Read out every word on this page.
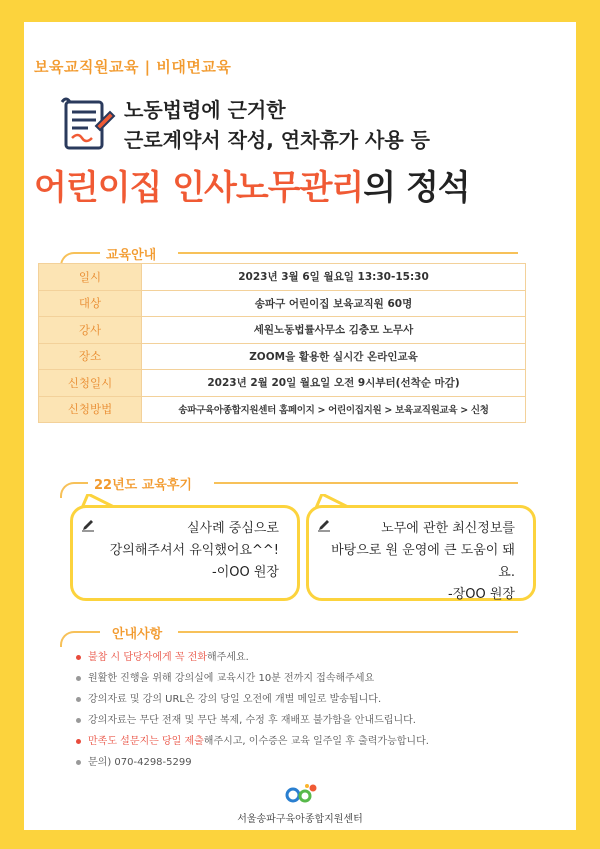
보육교직원교육 | 비대면교육
노동법령에 근거한
근로계약서 작성, 연차휴가 사용 등
어린이집 인사노무관리의 정석
교육안내
일시	2023년 3월 6일 월요일 13:30-15:30
대상	송파구 어린이집 보육교직원 60명
강사	세원노동법률사무소 김충모 노무사
장소	ZOOM을 활용한 실시간 온라인교육
신청일시	2023년 2월 20일 월요일 오전 9시부터(선착순 마감)
신청방법	송파구육아종합지원센터 홈페이지 > 어린이집지원 > 보육교직원교육 > 신청
22년도 교육후기
실사례 중심으로
강의해주셔서 유익했어요^^!
-이OO 원장
노무에 관한 최신정보를
바탕으로 원 운영에 큰 도움이 돼요.
-장OO 원장
안내사항
불참 시 담당자에게 꼭 전화해주세요.
원활한 진행을 위해 강의실에 교육시간 10분 전까지 접속해주세요
강의자료 및 강의 URL은 강의 당일 오전에 개별 메일로 발송됩니다.
강의자료는 무단 전재 및 무단 복제, 수정 후 재배포 불가함을 안내드립니다.
만족도 설문지는 당일 제출해주시고, 이수증은 교육 일주일 후 출력가능합니다.
문의) 070-4298-5299
서울송파구육아종합지원센터
